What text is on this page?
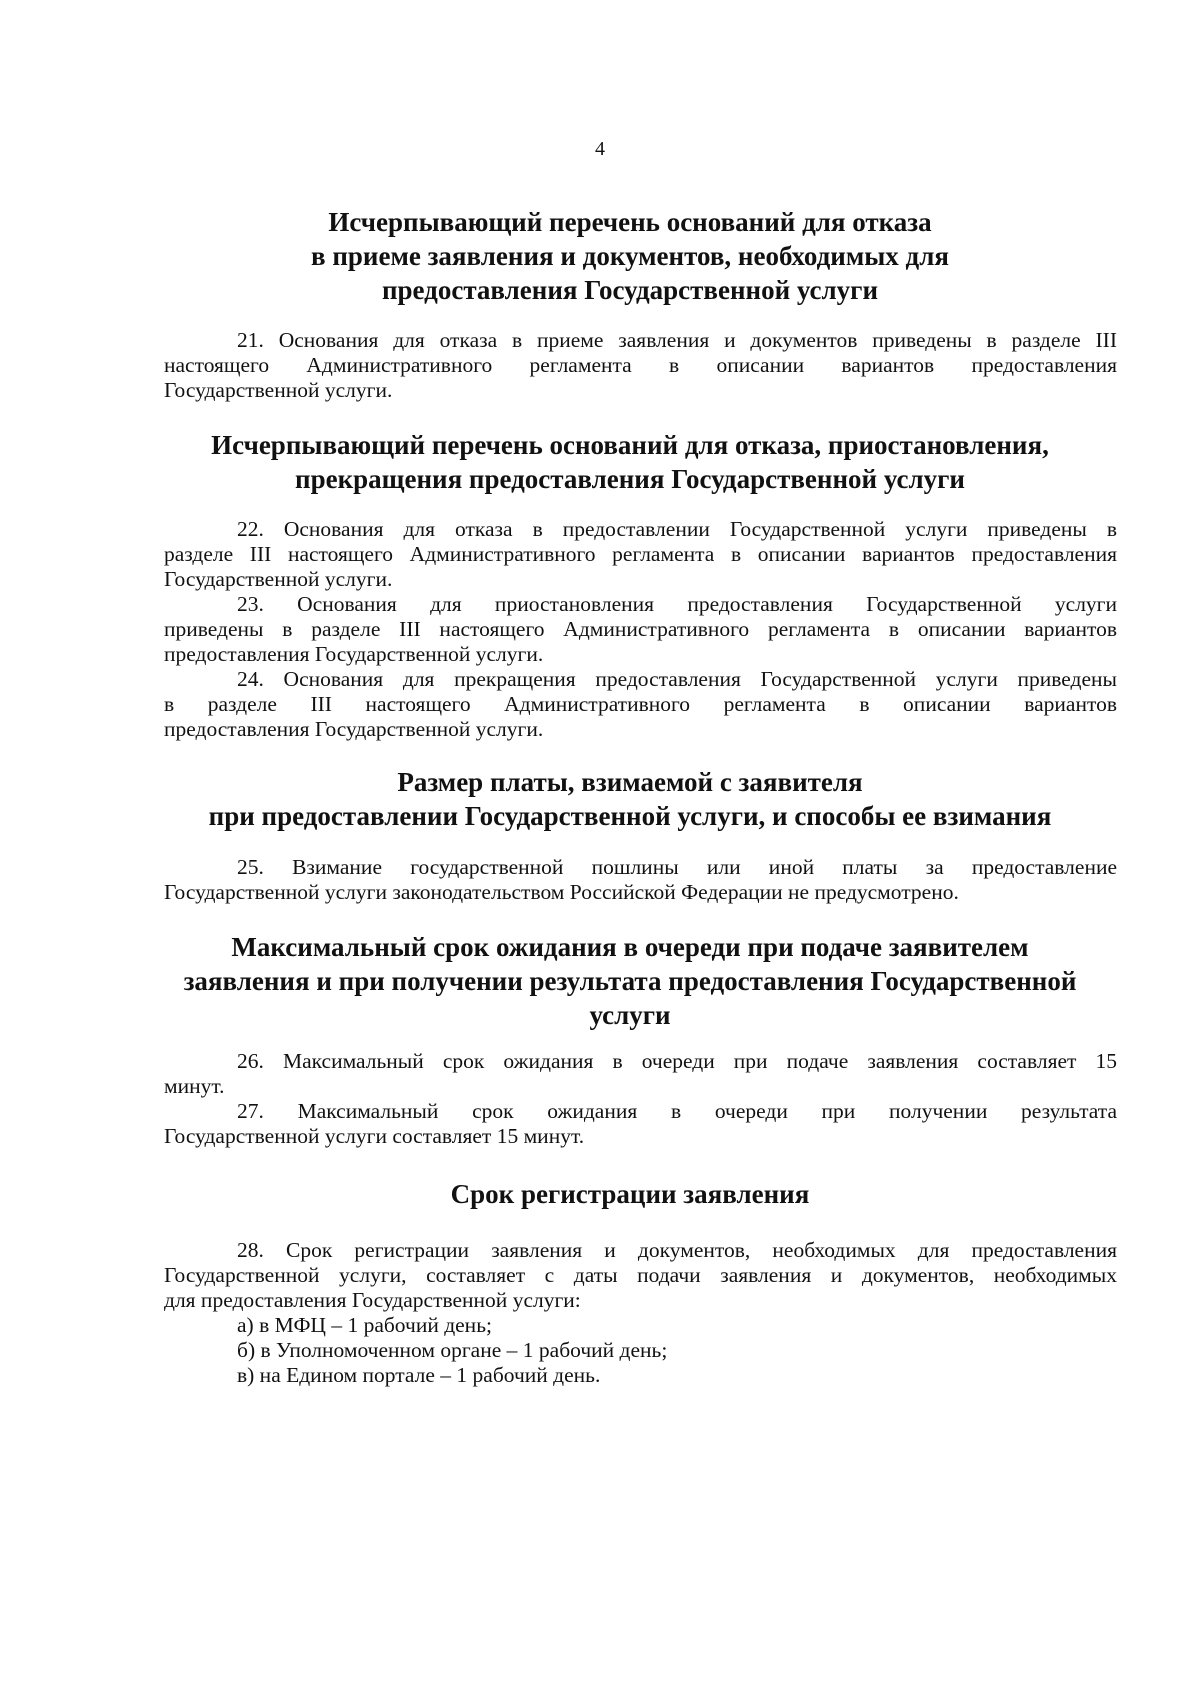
4
Исчерпывающий перечень оснований для отказа
в приеме заявления и документов, необходимых для
предоставления Государственной услуги
21. Основания для отказа в приеме заявления и документов приведены в разделе III
настоящего Административного регламента в описании вариантов предоставления
Государственной услуги.
Исчерпывающий перечень оснований для отказа, приостановления,
прекращения предоставления Государственной услуги
22. Основания для отказа в предоставлении Государственной услуги приведены в
разделе III настоящего Административного регламента в описании вариантов предоставления
Государственной услуги.
23. Основания для приостановления предоставления Государственной услуги
приведены в разделе III настоящего Административного регламента в описании вариантов
предоставления Государственной услуги.
24. Основания для прекращения предоставления Государственной услуги приведены
в разделе III настоящего Административного регламента в описании вариантов
предоставления Государственной услуги.
Размер платы, взимаемой с заявителя
при предоставлении Государственной услуги, и способы ее взимания
25. Взимание государственной пошлины или иной платы за предоставление
Государственной услуги законодательством Российской Федерации не предусмотрено.
Максимальный срок ожидания в очереди при подаче заявителем
заявления и при получении результата предоставления Государственной
услуги
26. Максимальный срок ожидания в очереди при подаче заявления составляет 15
минут.
27. Максимальный срок ожидания в очереди при получении результата
Государственной услуги составляет 15 минут.
Срок регистрации заявления
28. Срок регистрации заявления и документов, необходимых для предоставления
Государственной услуги, составляет с даты подачи заявления и документов, необходимых
для предоставления Государственной услуги:
а) в МФЦ – 1 рабочий день;
б) в Уполномоченном органе – 1 рабочий день;
в) на Едином портале – 1 рабочий день.
